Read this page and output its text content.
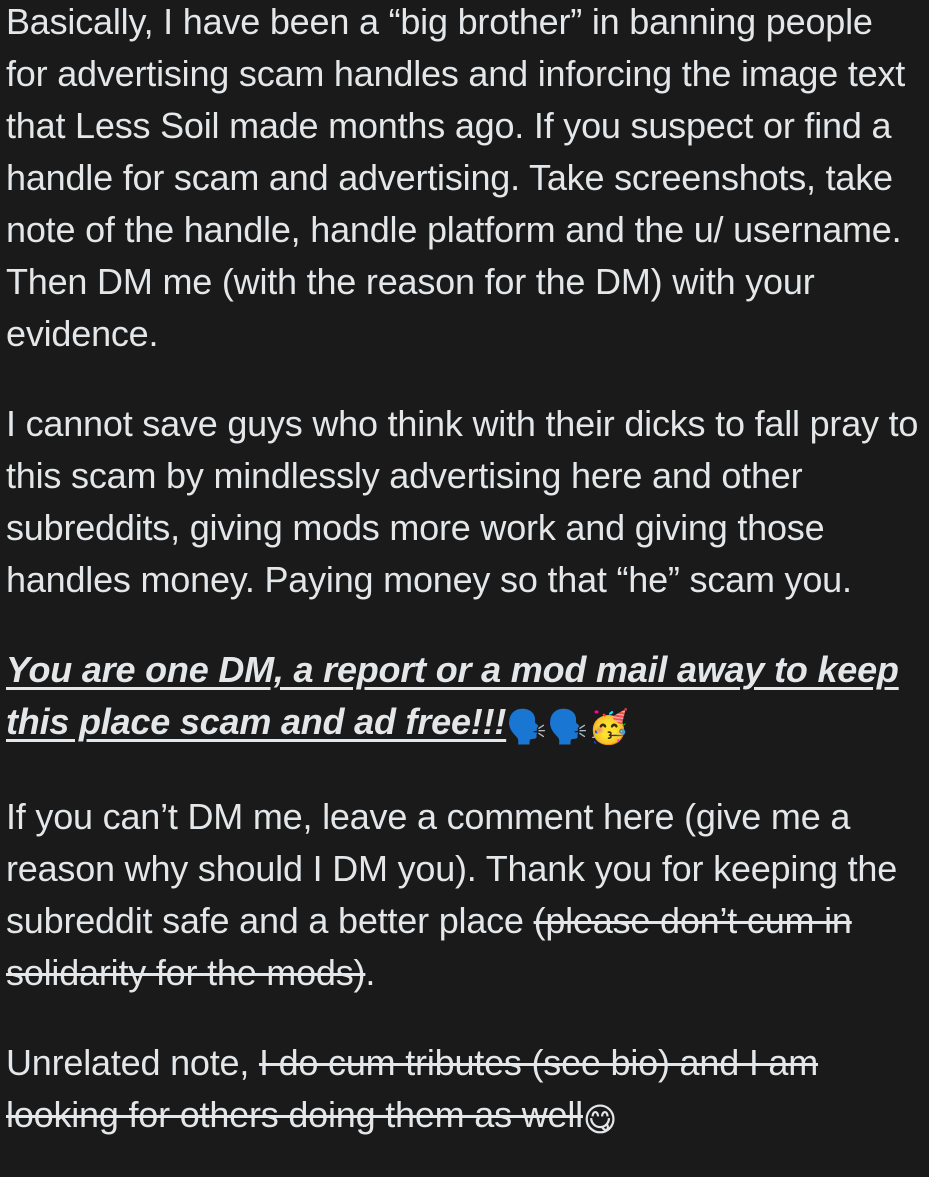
Basically, I have been a “big brother” in banning people for advertising scam handles and inforcing the image text that Less Soil made months ago. If you suspect or find a handle for scam and advertising. Take screenshots, take note of the handle, handle platform and the u/ username. Then DM me (with the reason for the DM) with your evidence.

I cannot save guys who think with their dicks to fall pray to this scam by mindlessly advertising here and other subreddits, giving mods more work and giving those handles money. Paying money so that “he” scam you.

You are one DM, a report or a mod mail away to keep this place scam and ad free!!!🗣️🗣️🥳

If you can’t DM me, leave a comment here (give me a reason why should I DM you). Thank you for keeping the subreddit safe and a better place (please don’t cum in solidarity for the mods).

Unrelated note, I do cum tributes (see bio) and I am looking for others doing them as well😋
